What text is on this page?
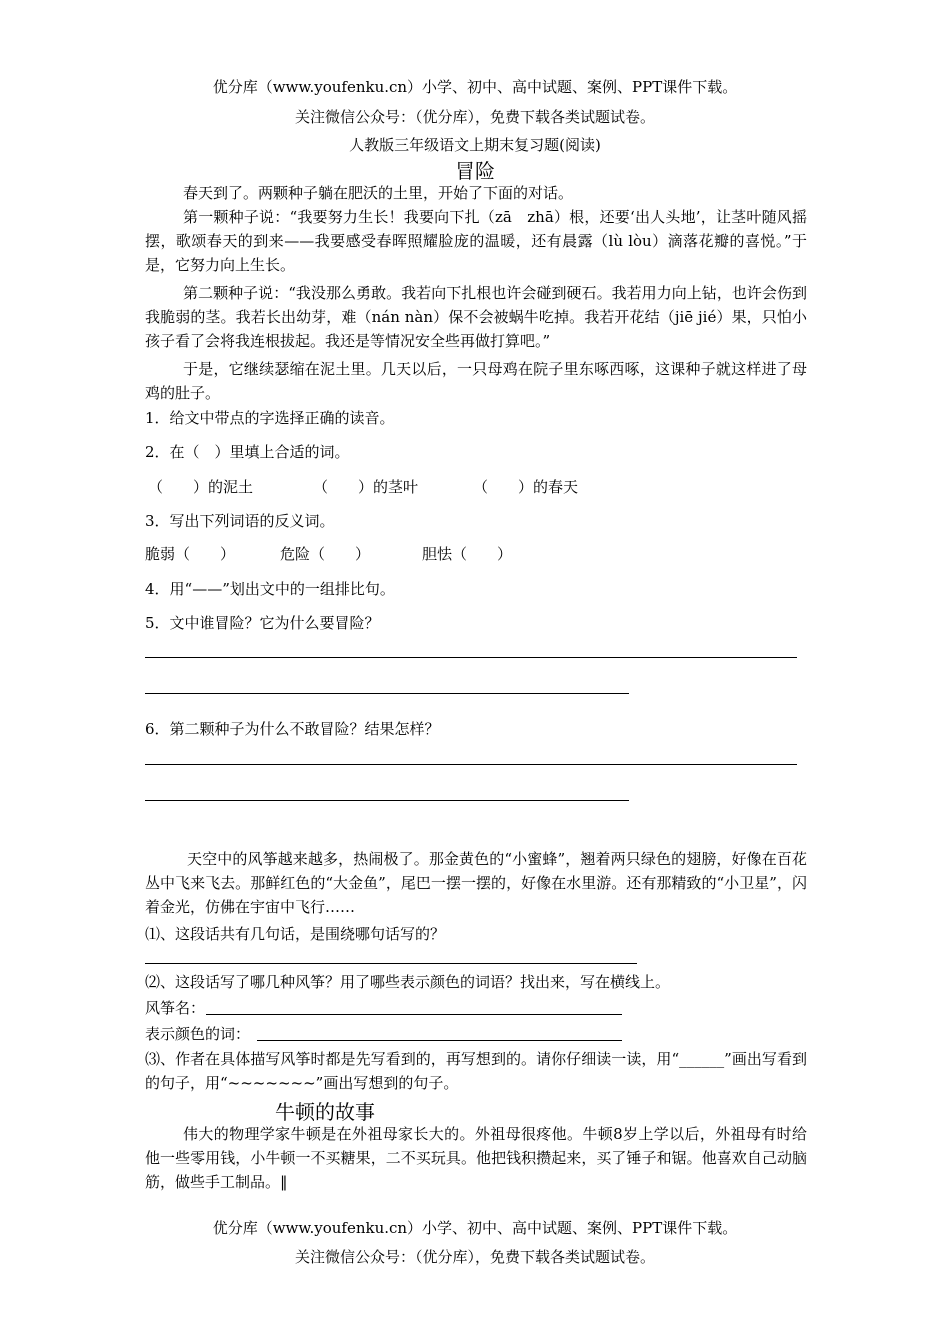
优分库（www.youfenku.cn）小学、初中、高中试题、案例、PPT课件下载。
关注微信公众号：（优分库），免费下载各类试题试卷。
人教版三年级语文上期末复习题(阅读)
冒险
春天到了。两颗种子躺在肥沃的土里，开始了下面的对话。
第一颗种子说：“我要努力生长！我要向下扎（zā　zhā）根，还要‘出人头地’，让茎叶随风摇摆，歌颂春天的到来——我要感受春晖照耀脸庞的温暖，还有晨露（lù lòu）滴落花瓣的喜悦。”于是，它努力向上生长。
第二颗种子说：“我没那么勇敢。我若向下扎根也许会碰到硬石。我若用力向上钻，也许会伤到我脆弱的茎。我若长出幼芽，难（nán nàn）保不会被蜗牛吃掉。我若开花结（jiē jié）果，只怕小孩子看了会将我连根拔起。我还是等情况安全些再做打算吧。”
于是，它继续瑟缩在泥土里。几天以后，一只母鸡在院子里东啄西啄，这课种子就这样进了母鸡的肚子。
1．给文中带点的字选择正确的读音。
2．在（　）里填上合适的词。
（　　）的泥土	（　　）的茎叶	（　　）的春天
3．写出下列词语的反义词。
脆弱（　　）	危险（　　）	胆怯（　　）
4．用“——”划出文中的一组排比句。
5．文中谁冒险？它为什么要冒险？
6．第二颗种子为什么不敢冒险？结果怎样？
天空中的风筝越来越多，热闹极了。那金黄色的“小蜜蜂”，翘着两只绿色的翅膀，好像在百花丛中飞来飞去。那鲜红色的“大金鱼”，尾巴一摆一摆的，好像在水里游。还有那精致的“小卫星”，闪着金光，仿佛在宇宙中飞行……
⑴、这段话共有几句话，是围绕哪句话写的？
⑵、这段话写了哪几种风筝？用了哪些表示颜色的词语？找出来，写在横线上。
风筝名：
表示颜色的词：
⑶、作者在具体描写风筝时都是先写看到的，再写想到的。请你仔细读一读，用“______”画出写看到的句子，用“~~~~~~~”画出写想到的句子。
牛顿的故事
伟大的物理学家牛顿是在外祖母家长大的。外祖母很疼他。牛顿8岁上学以后，外祖母有时给他一些零用钱，小牛顿一不买糖果，二不买玩具。他把钱积攒起来，买了锤子和锯。他喜欢自己动脑筋，做些手工制品。‖
优分库（www.youfenku.cn）小学、初中、高中试题、案例、PPT课件下载。
关注微信公众号：（优分库），免费下载各类试题试卷。
